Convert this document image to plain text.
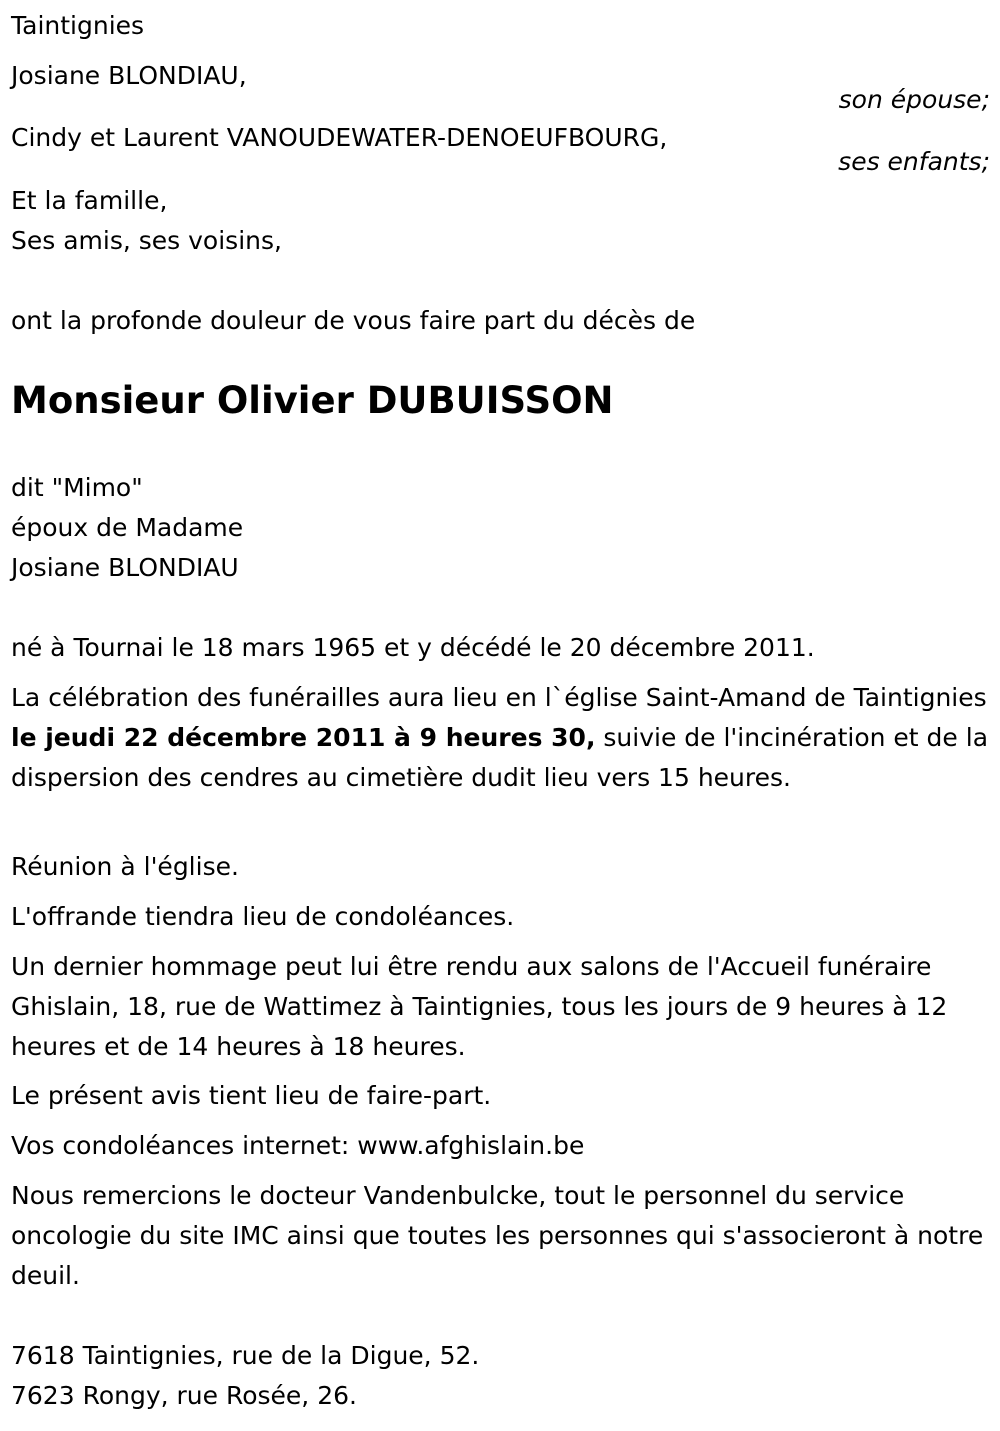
Taintignies
Josiane BLONDIAU,
son épouse;
Cindy et Laurent VANOUDEWATER-DENOEUFBOURG,
ses enfants;
Et la famille,
Ses amis, ses voisins,
ont la profonde douleur de vous faire part du décès de
Monsieur Olivier DUBUISSON
dit "Mimo"
époux de Madame
Josiane BLONDIAU
né à Tournai le 18 mars 1965 et y décédé le 20 décembre 2011.
La célébration des funérailles aura lieu en l`église Saint-Amand de Taintignies le jeudi 22 décembre 2011 à 9 heures 30, suivie de l'incinération et de la dispersion des cendres au cimetière dudit lieu vers 15 heures.
Réunion à l'église.
L'offrande tiendra lieu de condoléances.
Un dernier hommage peut lui être rendu aux salons de l'Accueil funéraire Ghislain, 18, rue de Wattimez à Taintignies, tous les jours de 9 heures à 12 heures et de 14 heures à 18 heures.
Le présent avis tient lieu de faire-part.
Vos condoléances internet: www.afghislain.be
Nous remercions le docteur Vandenbulcke, tout le personnel du service oncologie du site IMC ainsi que toutes les personnes qui s'associeront à notre deuil.
7618 Taintignies, rue de la Digue, 52.
7623 Rongy, rue Rosée, 26.
